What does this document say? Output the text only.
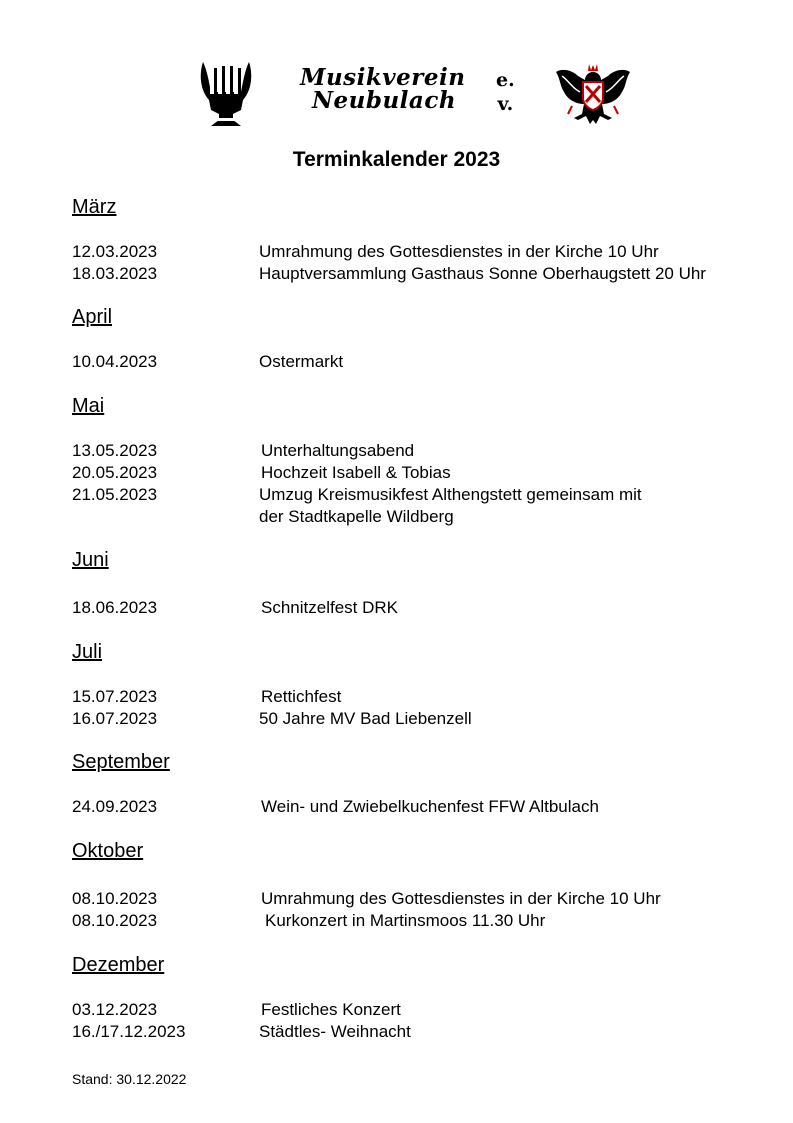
Musikverein
Neubulach
e.
v.
Terminkalender 2023
März
12.03.2023	Umrahmung des Gottesdienstes in der Kirche 10 Uhr
18.03.2023	Hauptversammlung Gasthaus Sonne Oberhaugstett 20 Uhr
April
10.04.2023	Ostermarkt
Mai
13.05.2023	Unterhaltungsabend
20.05.2023	Hochzeit Isabell & Tobias
21.05.2023	Umzug Kreismusikfest Althengstett gemeinsam mit
der Stadtkapelle Wildberg
Juni
18.06.2023	Schnitzelfest DRK
Juli
15.07.2023	Rettichfest
16.07.2023	50 Jahre MV Bad Liebenzell
September
24.09.2023	Wein- und Zwiebelkuchenfest FFW Altbulach
Oktober
08.10.2023	Umrahmung des Gottesdienstes in der Kirche 10 Uhr
08.10.2023	Kurkonzert in Martinsmoos 11.30 Uhr
Dezember
03.12.2023	Festliches Konzert
16./17.12.2023	Städtles- Weihnacht
Stand: 30.12.2022
